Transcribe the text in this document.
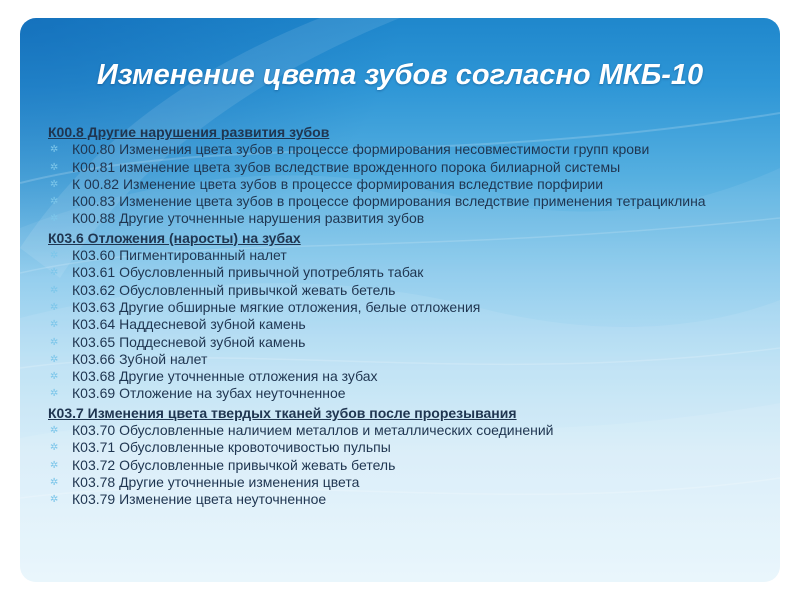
Изменение цвета зубов согласно МКБ-10
К00.8 Другие нарушения развития зубов
✲
К00.80 Изменения цвета зубов в процессе формирования несовместимости групп крови
✲
К00.81 изменение цвета зубов вследствие врожденного порока билиарной системы
✲
К 00.82 Изменение цвета зубов в процессе формирования вследствие порфирии
✲
К00.83 Изменение цвета зубов в процессе формирования вследствие применения тетрациклина
✲
К00.88 Другие уточненные нарушения развития зубов
К03.6 Отложения (наросты) на зубах
✲
К03.60 Пигментированный налет
✲
К03.61 Обусловленный привычной употреблять табак
✲
К03.62 Обусловленный привычкой жевать бетель
✲
К03.63 Другие обширные мягкие отложения, белые отложения
✲
К03.64 Наддесневой зубной камень
✲
К03.65 Поддесневой зубной камень
✲
К03.66 Зубной налет
✲
К03.68 Другие уточненные отложения на зубах
✲
К03.69 Отложение на зубах неуточненное
К03.7 Изменения цвета твердых тканей зубов после прорезывания
✲
К03.70 Обусловленные наличием металлов и металлических соединений
✲
К03.71 Обусловленные кровоточивостью пульпы
✲
К03.72 Обусловленные привычкой жевать бетель
✲
К03.78 Другие уточненные изменения цвета
✲
К03.79 Изменение цвета неуточненное
